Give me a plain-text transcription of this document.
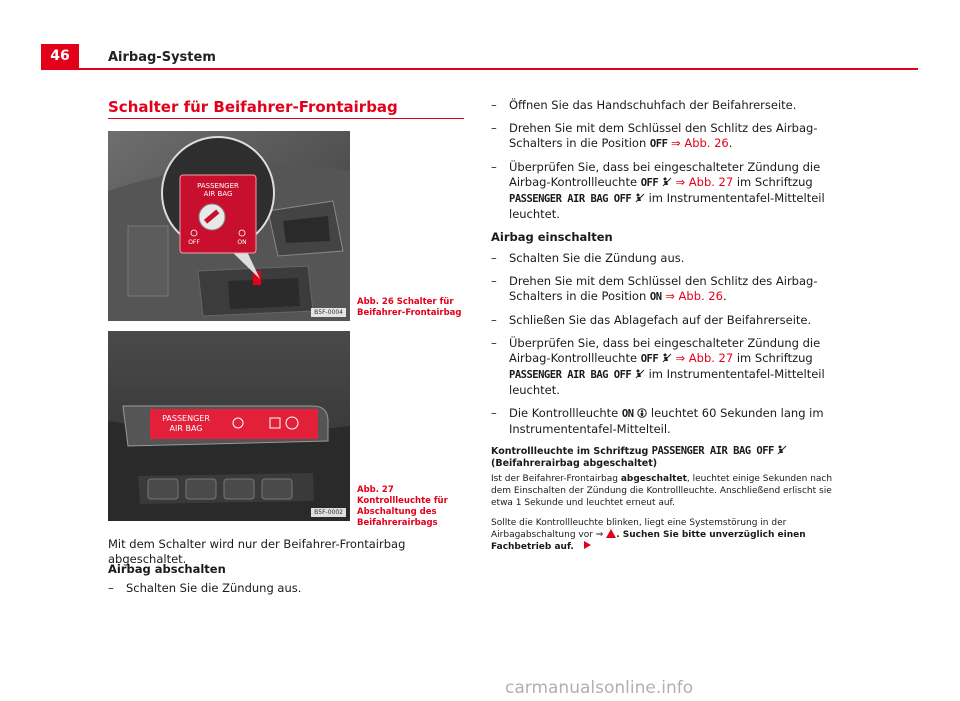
46	Airbag-System
Schalter für Beifahrer-Frontairbag
PASSENGER
AIR BAG
OFF	ON
B5F-0004
Abb. 26 Schalter für Beifahrer-Frontairbag
PASSENGER
AIR BAG
B5F-0002
Abb. 27 Kontrollleuchte für Abschaltung des Beifahrerairbags
Mit dem Schalter wird nur der Beifahrer-Frontairbag abgeschaltet.
Airbag abschalten
–	Schalten Sie die Zündung aus.
–	Öffnen Sie das Handschuhfach der Beifahrerseite.
–	Drehen Sie mit dem Schlüssel den Schlitz des Airbag-Schalters in die Position OFF ⇒ Abb. 26.
–	Überprüfen Sie, dass bei eingeschalteter Zündung die Airbag-Kontrollleuchte OFF  ⇒ Abb. 27 im Schriftzug PASSENGER AIR BAG OFF  im Instrumententafel-Mittelteil leuchtet.
Airbag einschalten
–	Schalten Sie die Zündung aus.
–	Drehen Sie mit dem Schlüssel den Schlitz des Airbag-Schalters in die Position ON ⇒ Abb. 26.
–	Schließen Sie das Ablagefach auf der Beifahrerseite.
–	Überprüfen Sie, dass bei eingeschalteter Zündung die Airbag-Kontrollleuchte OFF  ⇒ Abb. 27 im Schriftzug PASSENGER AIR BAG OFF  im Instrumententafel-Mittelteil leuchtet.
–	Die Kontrollleuchte ON  leuchtet 60 Sekunden lang im Instrumententafel-Mittelteil.
Kontrollleuchte im Schriftzug PASSENGER AIR BAG OFF  (Beifahrerairbag abgeschaltet)
Ist der Beifahrer-Frontairbag abgeschaltet, leuchtet einige Sekunden nach dem Einschalten der Zündung die Kontrollleuchte. Anschließend erlischt sie etwa 1 Sekunde und leuchtet erneut auf.
Sollte die Kontrollleuchte blinken, liegt eine Systemstörung in der Airbagabschaltung vor ⇒ . Suchen Sie bitte unverzüglich einen Fachbetrieb auf.
carmanualsonline.info
